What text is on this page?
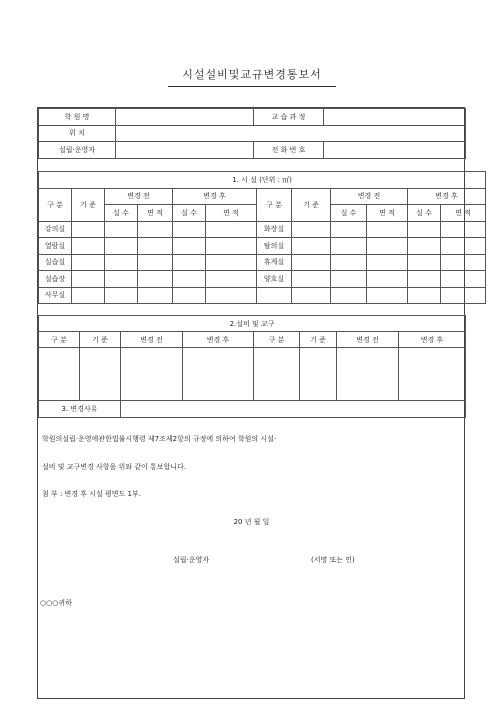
시설설비및교규변경통보서
학 원 명		교 습 과 정	
위 치			
설립·운영자		전 화 번 호	
1. 시 설 (단위 : ㎡)											
구 분	기 준	변경 전		변경 후		구 분	기 준	변경 전		변경 후	
		실 수	면 적	실 수	면 적			실 수	면 적	실 수	면 적
강의실						화장실					
열람실						탈의실					
실습실						휴게실					
실습장						양호실					
사무실											
2.설비 및 교구							
구 분	기 준	변경 전	변경 후	구 분	기 준	변경 전	변경 후

3. 변경사유							
학원의설립·운영에관한법률시행령 제7조제2항의 규정에 의하여 학원의 시설·
설비 및 교구변경 사항을 위와 같이 통보합니다.
첨 부 : 변경 후 시설 평면도 1부.
20 년 월 일
설립·운영자	(서명 또는 인)
○○○귀하
